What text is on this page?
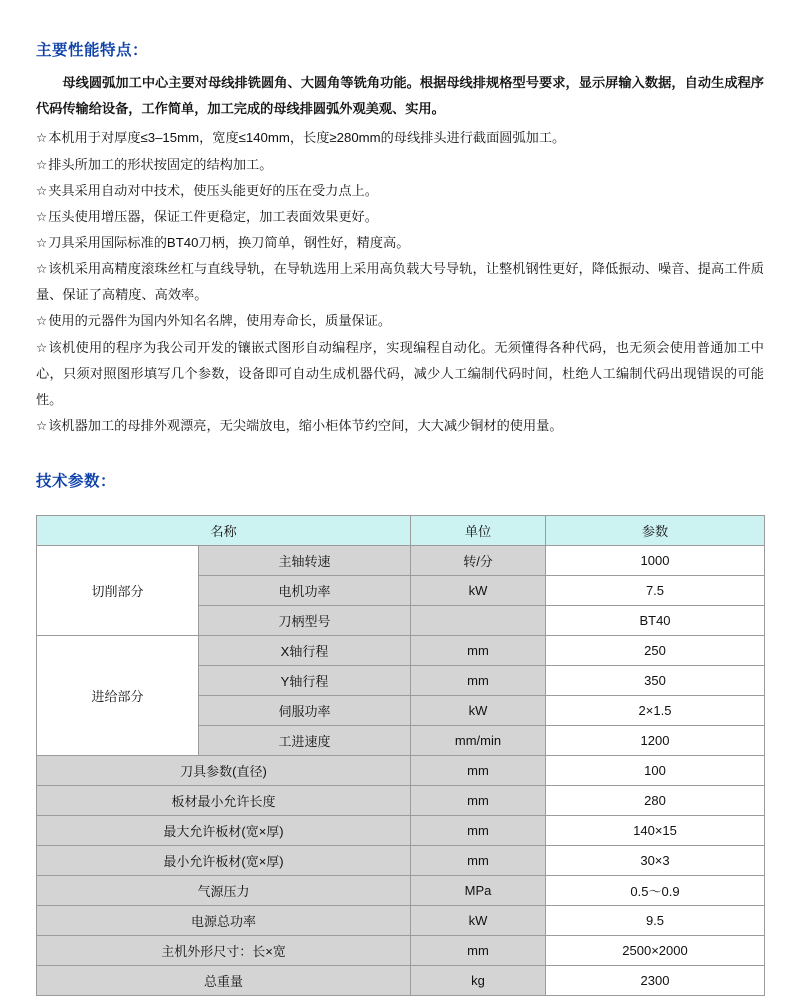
主要性能特点：

母线圆弧加工中心主要对母线排铣圆角、大圆角等铣角功能。根据母线排规格型号要求，显示屏输入数据，自动生成程序代码传输给设备，工作简单，加工完成的母线排圆弧外观美观、实用。

☆本机用于对厚度≤3–15mm，宽度≤140mm，长度≥280mm的母线排头进行截面圆弧加工。
☆排头所加工的形状按固定的结构加工。
☆夹具采用自动对中技术，使压头能更好的压在受力点上。
☆压头使用增压器，保证工件更稳定，加工表面效果更好。
☆刀具采用国际标准的BT40刀柄，换刀简单，钢性好，精度高。
☆该机采用高精度滚珠丝杠与直线导轨，在导轨选用上采用高负载大号导轨，让整机钢性更好，降低振动、噪音、提高工件质量、保证了高精度、高效率。
☆使用的元器件为国内外知名名牌，使用寿命长，质量保证。
☆该机使用的程序为我公司开发的镶嵌式图形自动编程序，实现编程自动化。无须懂得各种代码，也无须会使用普通加工中心，只须对照图形填写几个参数，设备即可自动生成机器代码，减少人工编制代码时间，杜绝人工编制代码出现错误的可能性。
☆该机器加工的母排外观漂亮，无尖端放电，缩小柜体节约空间，大大减少铜材的使用量。
技术参数：
名称		单位	参数
切削部分	主轴转速	转/分	1000
	电机功率	kW	7.5
	刀柄型号		BT40
进给部分	X轴行程	mm	250
	Y轴行程	mm	350
	伺服功率	kW	2×1.5
	工进速度	mm/min	1200
刀具参数(直径)		mm	100
板材最小允许长度		mm	280
最大允许板材(宽×厚)		mm	140×15
最小允许板材(宽×厚)		mm	30×3
气源压力		MPa	0.5～0.9
电源总功率		kW	9.5
主机外形尺寸：长×宽		mm	2500×2000
总重量		kg	2300
